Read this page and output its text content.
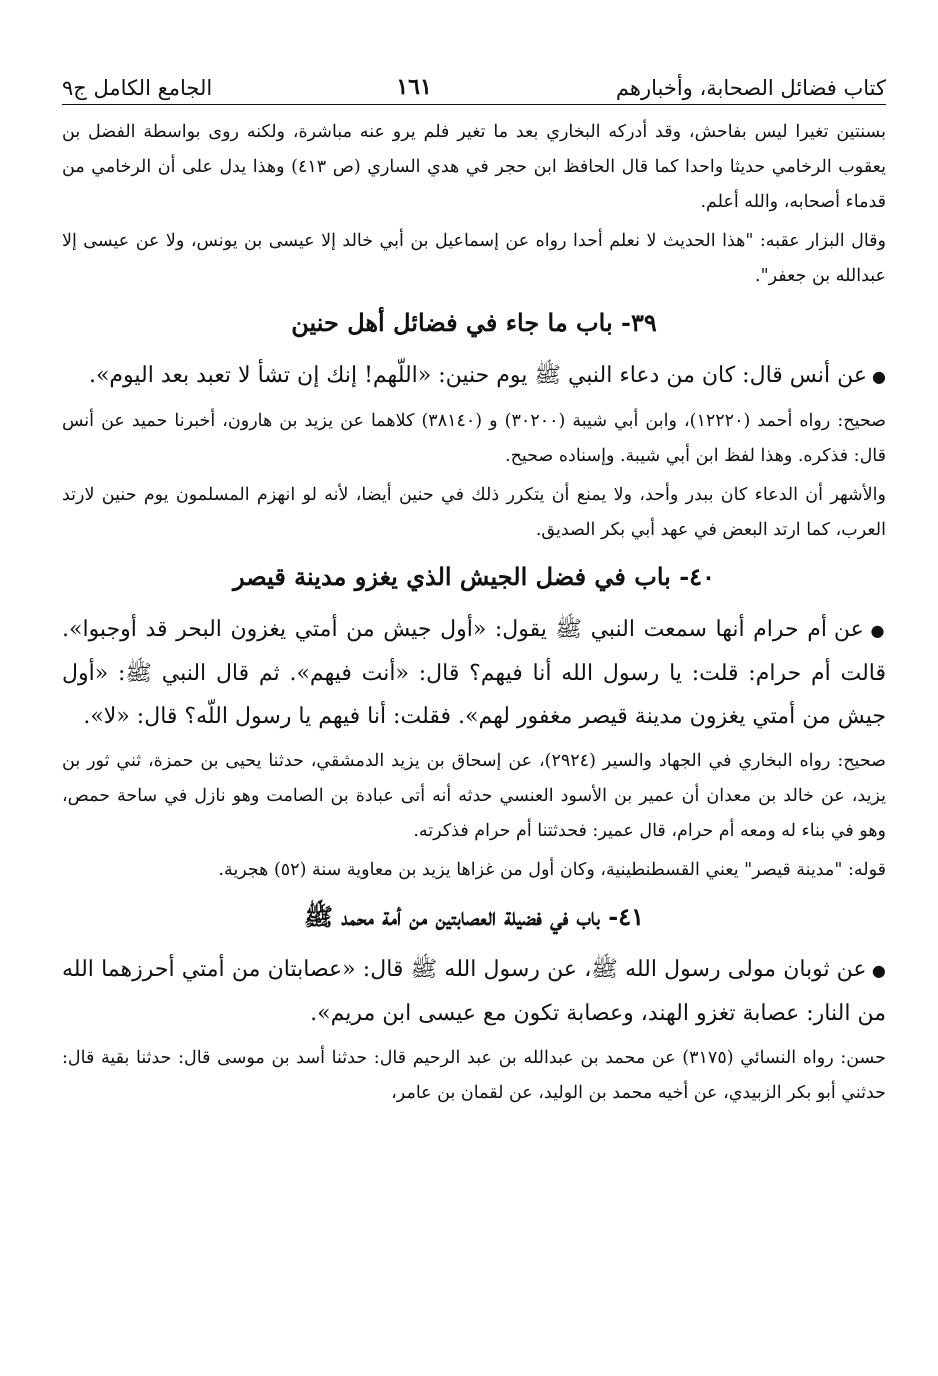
كتاب فضائل الصحابة، وأخبارهم
١٦١
الجامع الكامل ج٩

بسنتين تغيرا ليس بفاحش، وقد أدركه البخاري بعد ما تغير فلم يرو عنه مباشرة، ولكنه روى بواسطة الفضل بن يعقوب الرخامي حديثا واحدا كما قال الحافظ ابن حجر في هدي الساري (ص ٤١٣) وهذا يدل على أن الرخامي من قدماء أصحابه، والله أعلم.

وقال البزار عقبه: "هذا الحديث لا نعلم أحدا رواه عن إسماعيل بن أبي خالد إلا عيسى بن يونس، ولا عن عيسى إلا عبدالله بن جعفر".

٣٩- باب ما جاء في فضائل أهل حنين

● عن أنس قال: كان من دعاء النبي ﷺ يوم حنين: «اللّهم! إنك إن تشأ لا تعبد بعد اليوم».

صحيح: رواه أحمد (١٢٢٢٠)، وابن أبي شيبة (٣٠٢٠٠) و (٣٨١٤٠) كلاهما عن يزيد بن هارون، أخبرنا حميد عن أنس قال: فذكره. وهذا لفظ ابن أبي شيبة. وإسناده صحيح.

والأشهر أن الدعاء كان ببدر وأحد، ولا يمنع أن يتكرر ذلك في حنين أيضا، لأنه لو انهزم المسلمون يوم حنين لارتد العرب، كما ارتد البعض في عهد أبي بكر الصديق.

٤٠- باب في فضل الجيش الذي يغزو مدينة قيصر

● عن أم حرام أنها سمعت النبي ﷺ يقول: «أول جيش من أمتي يغزون البحر قد أوجبوا». قالت أم حرام: قلت: يا رسول الله أنا فيهم؟ قال: «أنت فيهم». ثم قال النبي ﷺ: «أول جيش من أمتي يغزون مدينة قيصر مغفور لهم». فقلت: أنا فيهم يا رسول اللّه؟ قال: «لا».

صحيح: رواه البخاري في الجهاد والسير (٢٩٢٤)، عن إسحاق بن يزيد الدمشقي، حدثنا يحيى بن حمزة، ثني ثور بن يزيد، عن خالد بن معدان أن عمير بن الأسود العنسي حدثه أنه أتى عبادة بن الصامت وهو نازل في ساحة حمص، وهو في بناء له ومعه أم حرام، قال عمير: فحدثتنا أم حرام فذكرته.

قوله: "مدينة قيصر" يعني القسطنطينية، وكان أول من غزاها يزيد بن معاوية سنة (٥٢) هجرية.

٤١- باب في فضيلة العصابتين من أمة محمد ﷺ

● عن ثوبان مولى رسول الله ﷺ، عن رسول الله ﷺ قال: «عصابتان من أمتي أحرزهما الله من النار: عصابة تغزو الهند، وعصابة تكون مع عيسى ابن مريم».

حسن: رواه النسائي (٣١٧٥) عن محمد بن عبدالله بن عبد الرحيم قال: حدثنا أسد بن موسى قال: حدثنا بقية قال: حدثني أبو بكر الزبيدي، عن أخيه محمد بن الوليد، عن لقمان بن عامر،
